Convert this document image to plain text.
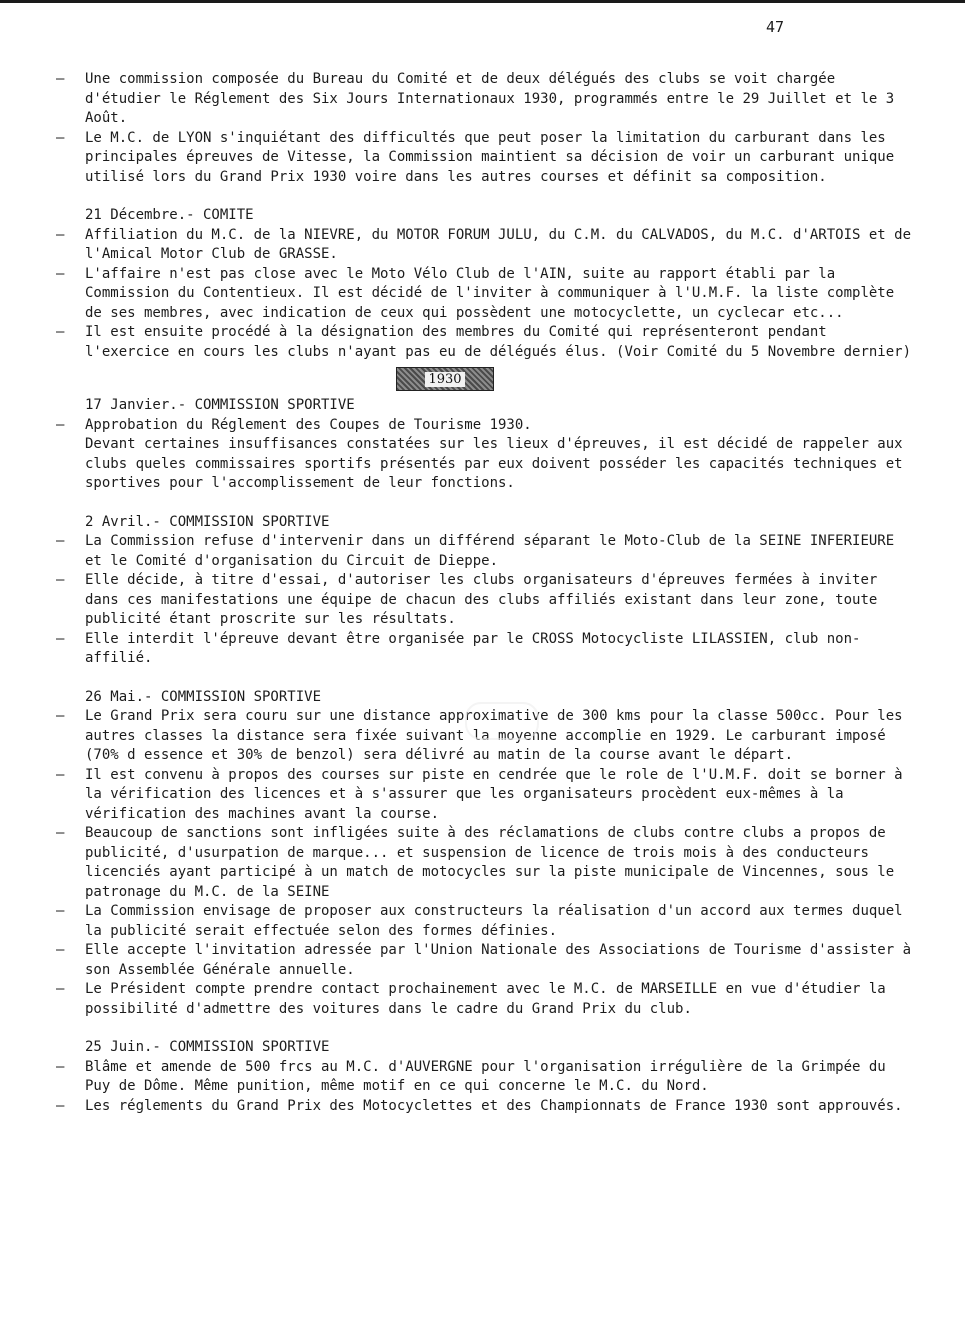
47
– Une commission composée du Bureau du Comité et de deux délégués des clubs se voit chargée d'étudier le Réglement des Six Jours Internationaux 1930, programmés entre le 29 Juillet et le 3 Août.
– Le M.C. de LYON s'inquiétant des difficultés que peut poser la limitation du carburant dans les principales épreuves de Vitesse, la Commission maintient sa décision de voir un carburant unique utilisé lors du Grand Prix 1930 voire dans les autres courses et définit sa composition.
21 Décembre.- COMITE
– Affiliation du M.C. de la NIEVRE, du MOTOR FORUM JULU, du C.M. du CALVADOS, du M.C. d'ARTOIS et de l'Amical Motor Club de GRASSE.
– L'affaire n'est pas close avec le Moto Vélo Club de l'AIN, suite au rapport établi par la Commission du Contentieux. Il est décidé de l'inviter à communiquer à l'U.M.F. la liste complète de ses membres, avec indication de ceux qui possèdent une motocyclette, un cyclecar etc...
– Il est ensuite procédé à la désignation des membres du Comité qui représenteront pendant l'exercice en cours les clubs n'ayant pas eu de délégués élus. (Voir Comité du 5 Novembre dernier)
1930
17 Janvier.- COMMISSION SPORTIVE
– Approbation du Réglement des Coupes de Tourisme 1930.
Devant certaines insuffisances constatées sur les lieux d'épreuves, il est décidé de rappeler aux clubs queles commissaires sportifs présentés par eux doivent posséder les capacités techniques et sportives pour l'accomplissement de leur fonctions.
2 Avril.- COMMISSION SPORTIVE
– La Commission refuse d'intervenir dans un différend séparant le Moto-Club de la SEINE INFERIEURE et le Comité d'organisation du Circuit de Dieppe.
– Elle décide, à titre d'essai, d'autoriser les clubs organisateurs d'épreuves fermées à inviter dans ces manifestations une équipe de chacun des clubs affiliés existant dans leur zone, toute publicité étant proscrite sur les résultats.
– Elle interdit l'épreuve devant être organisée par le CROSS Motocycliste LILASSIEN, club non-affilié.
26 Mai.- COMMISSION SPORTIVE
– Le Grand Prix sera couru sur une distance approximative de 300 kms pour la classe 500cc. Pour les autres classes la distance sera fixée suivant la moyenne accomplie en 1929. Le carburant imposé (70% d essence et 30% de benzol) sera délivré au matin de la course avant le départ.
– Il est convenu à propos des courses sur piste en cendrée que le role de l'U.M.F. doit se borner à la vérification des licences et à s'assurer que les organisateurs procèdent eux-mêmes à la vérification des machines avant la course.
– Beaucoup de sanctions sont infligées suite à des réclamations de clubs contre clubs a propos de publicité, d'usurpation de marque... et suspension de licence de trois mois à des conducteurs licenciés ayant participé à un match de motocycles sur la piste municipale de Vincennes, sous le patronage du M.C. de la SEINE
– La Commission envisage de proposer aux constructeurs la réalisation d'un accord aux termes duquel la publicité serait effectuée selon des formes définies.
– Elle accepte l'invitation adressée par l'Union Nationale des Associations de Tourisme d'assister à son Assemblée Générale annuelle.
– Le Président compte prendre contact prochainement avec le M.C. de MARSEILLE en vue d'étudier la possibilité d'admettre des voitures dans le cadre du Grand Prix du club.
25 Juin.- COMMISSION SPORTIVE
– Blâme et amende de 500 frcs au M.C. d'AUVERGNE pour l'organisation irrégulière de la Grimpée du Puy de Dôme. Même punition, même motif en ce qui concerne le M.C. du Nord.
– Les réglements du Grand Prix des Motocyclettes et des Championnats de France 1930 sont approuvés.
